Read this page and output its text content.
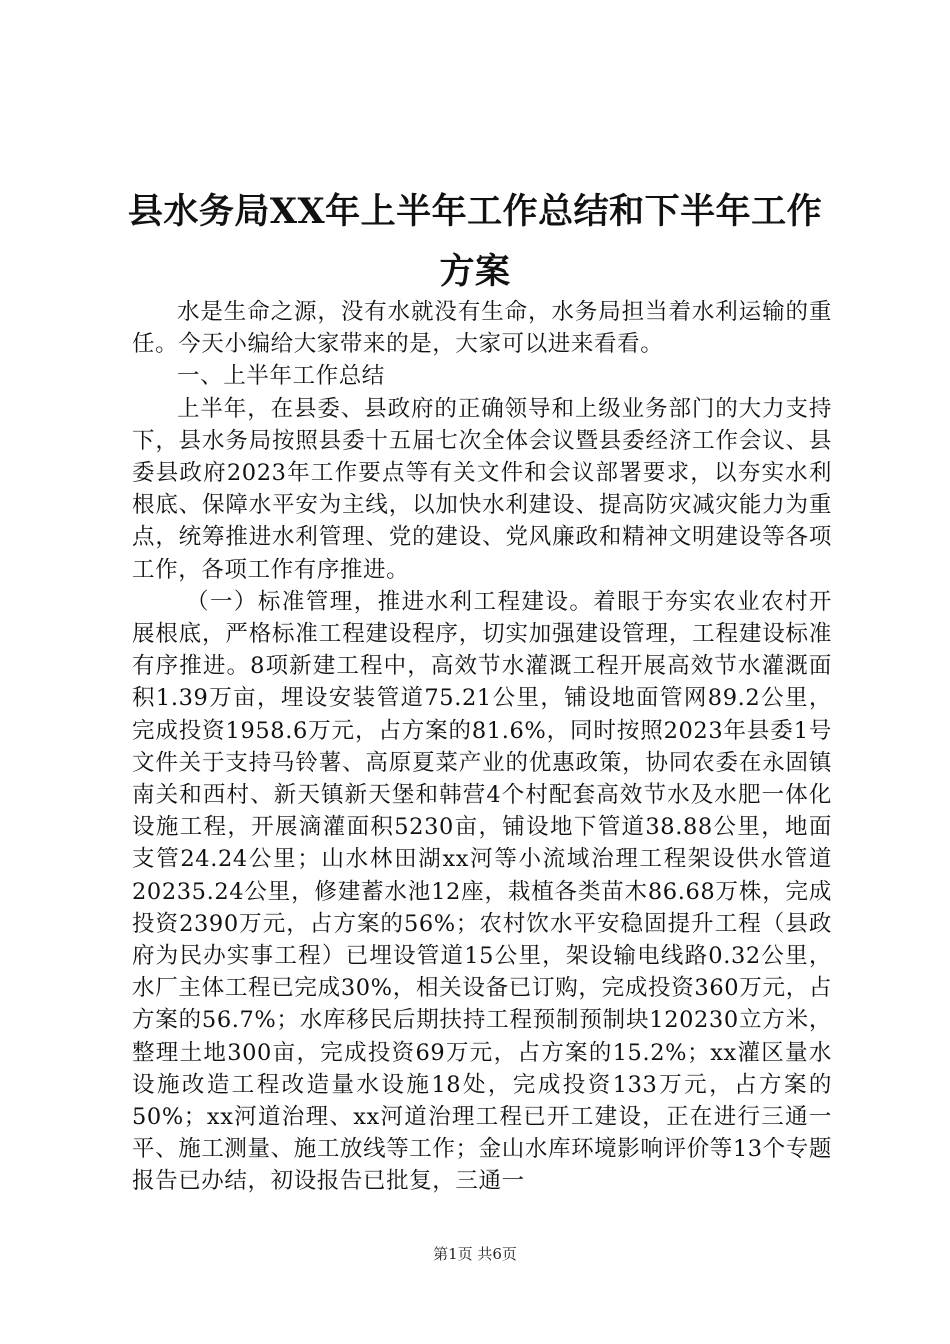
县水务局XX年上半年工作总结和下半年工作方案

水是生命之源，没有水就没有生命，水务局担当着水利运输的重任。今天小编给大家带来的是，大家可以进来看看。

一、上半年工作总结

上半年，在县委、县政府的正确领导和上级业务部门的大力支持下，县水务局按照县委十五届七次全体会议暨县委经济工作会议、县委县政府2023年工作要点等有关文件和会议部署要求，以夯实水利根底、保障水平安为主线，以加快水利建设、提高防灾减灾能力为重点，统筹推进水利管理、党的建设、党风廉政和精神文明建设等各项工作，各项工作有序推进。

（一）标准管理，推进水利工程建设。着眼于夯实农业农村开展根底，严格标准工程建设程序，切实加强建设管理，工程建设标准有序推进。8项新建工程中，高效节水灌溉工程开展高效节水灌溉面积1.39万亩，埋设安装管道75.21公里，铺设地面管网89.2公里，完成投资1958.6万元，占方案的81.6%，同时按照2023年县委1号文件关于支持马铃薯、高原夏菜产业的优惠政策，协同农委在永固镇南关和西村、新天镇新天堡和韩营4个村配套高效节水及水肥一体化设施工程，开展滴灌面积5230亩，铺设地下管道38.88公里，地面支管24.24公里；山水林田湖xx河等小流域治理工程架设供水管道20235.24公里，修建蓄水池12座，栽植各类苗木86.68万株，完成投资2390万元，占方案的56%；农村饮水平安稳固提升工程（县政府为民办实事工程）已埋设管道15公里，架设输电线路0.32公里，水厂主体工程已完成30%，相关设备已订购，完成投资360万元，占方案的56.7%；水库移民后期扶持工程预制预制块120230立方米，整理土地300亩，完成投资69万元，占方案的15.2%；xx灌区量水设施改造工程改造量水设施18处，完成投资133万元，占方案的50%；xx河道治理、xx河道治理工程已开工建设，正在进行三通一平、施工测量、施工放线等工作；金山水库环境影响评价等13个专题报告已办结，初设报告已批复，三通一

第1页 共6页
